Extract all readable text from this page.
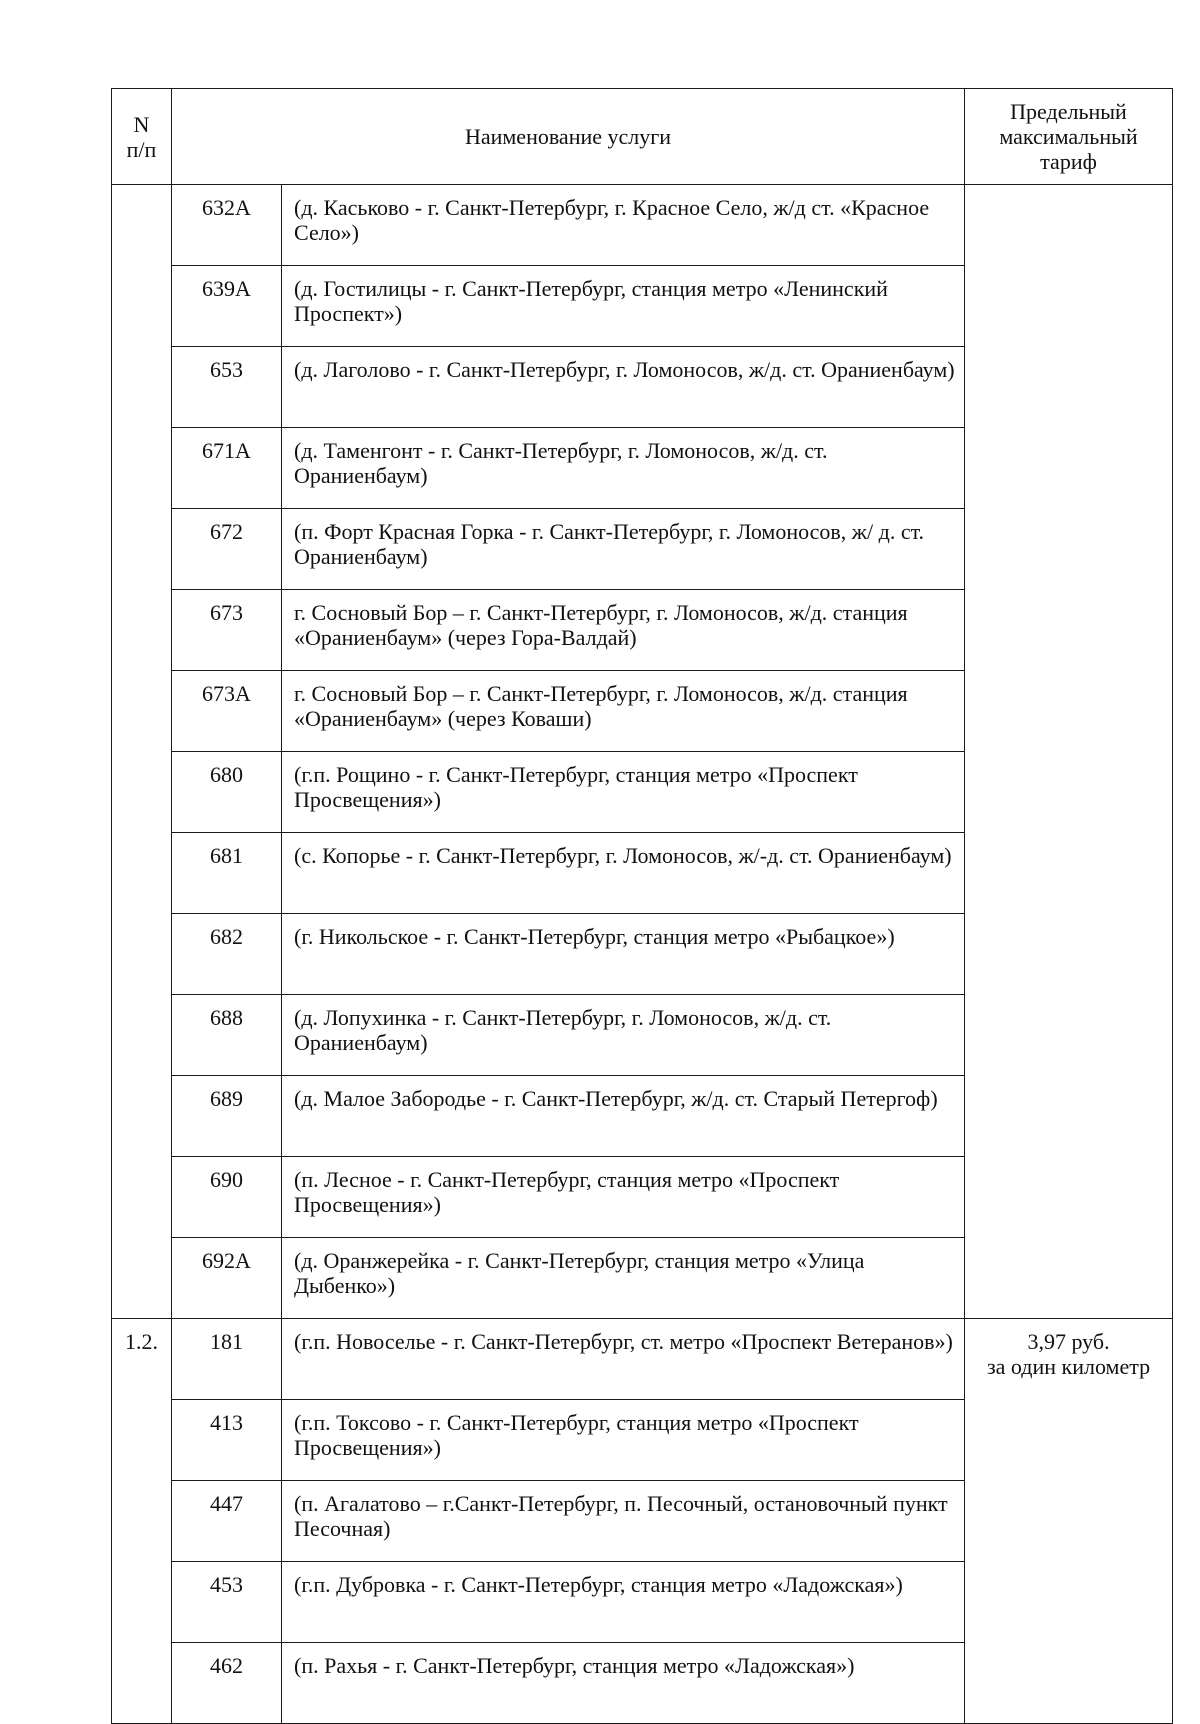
N
п/п	Наименование услуги		Предельный
максимальный
тариф
	632А	(д. Каськово - г. Санкт-Петербург, г. Красное Село, ж/д ст. «Красное Село»)	
	639А	(д. Гостилицы - г. Санкт-Петербург, станция метро «Ленинский Проспект»)	
	653	(д. Лаголово - г. Санкт-Петербург, г. Ломоносов, ж/д. ст. Ораниенбаум)	
	671А	(д. Таменгонт - г. Санкт-Петербург, г. Ломоносов, ж/д. ст. Ораниенбаум)	
	672	(п. Форт Красная Горка - г. Санкт-Петербург, г. Ломоносов, ж/ д. ст. Ораниенбаум)	
	673	г. Сосновый Бор – г. Санкт-Петербург, г. Ломоносов, ж/д. станция «Ораниенбаум» (через Гора-Валдай)	
	673А	г. Сосновый Бор – г. Санкт-Петербург, г. Ломоносов, ж/д. станция «Ораниенбаум» (через Коваши)	
	680	(г.п. Рощино - г. Санкт-Петербург, станция метро «Проспект Просвещения»)	
	681	(с. Копорье - г. Санкт-Петербург, г. Ломоносов, ж/-д. ст. Ораниенбаум)	
	682	(г. Никольское - г. Санкт-Петербург, станция метро «Рыбацкое»)	
	688	(д. Лопухинка - г. Санкт-Петербург, г. Ломоносов, ж/д. ст. Ораниенбаум)	
	689	(д. Малое Забородье - г. Санкт-Петербург, ж/д. ст. Старый Петергоф)	
	690	(п. Лесное - г. Санкт-Петербург, станция метро «Проспект Просвещения»)	
	692А	(д. Оранжерейка - г. Санкт-Петербург, станция метро «Улица Дыбенко»)	
1.2.	181	(г.п. Новоселье - г. Санкт-Петербург, ст. метро «Проспект Ветеранов»)	3,97 руб.
за один километр
	413	(г.п. Токсово - г. Санкт-Петербург, станция метро «Проспект Просвещения»)	
	447	(п. Агалатово – г.Санкт-Петербург, п. Песочный, остановочный пункт Песочная)	
	453	(г.п. Дубровка - г. Санкт-Петербург, станция метро «Ладожская»)	
	462	(п. Рахья - г. Санкт-Петербург, станция метро «Ладожская»)	
